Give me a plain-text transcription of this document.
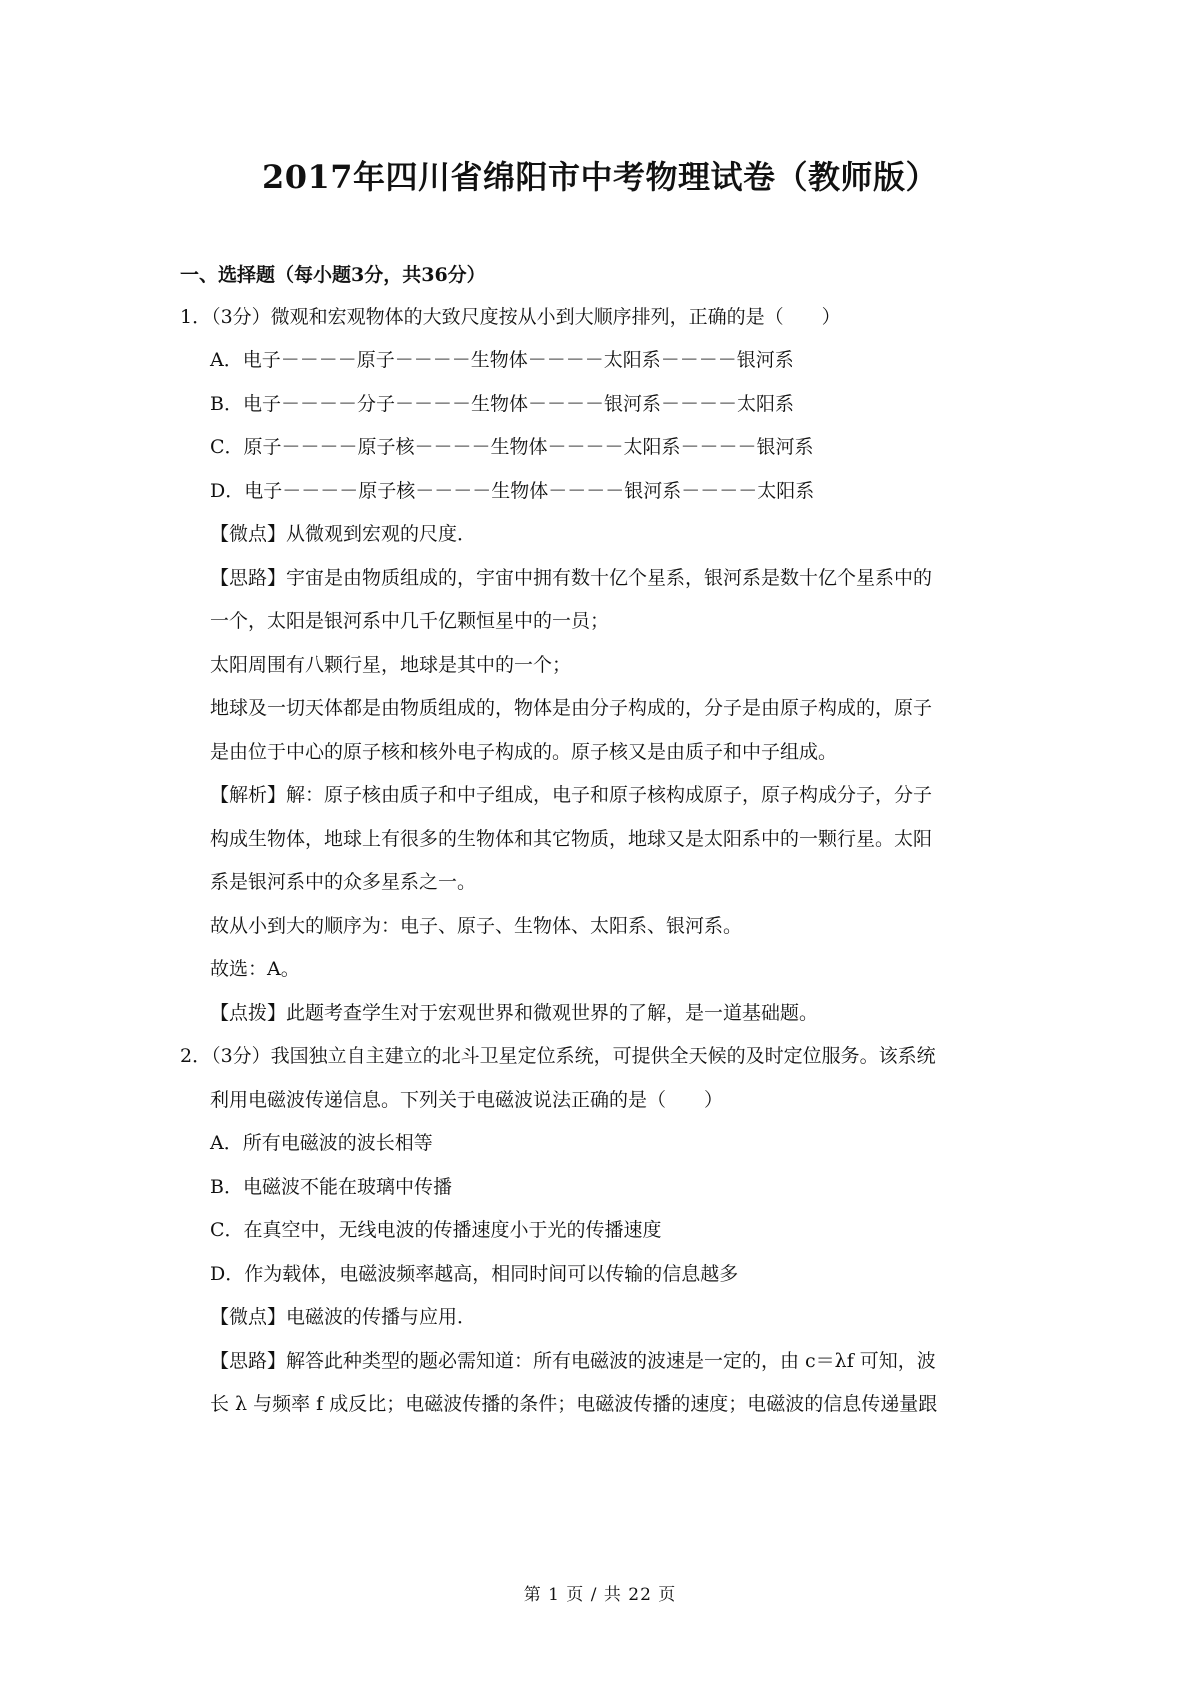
2017年四川省绵阳市中考物理试卷（教师版）
一、选择题（每小题3分，共36分）
1．（3分）微观和宏观物体的大致尺度按从小到大顺序排列，正确的是（　　）
A．电子－－－－原子－－－－生物体－－－－太阳系－－－－银河系
B．电子－－－－分子－－－－生物体－－－－银河系－－－－太阳系
C．原子－－－－原子核－－－－生物体－－－－太阳系－－－－银河系
D．电子－－－－原子核－－－－生物体－－－－银河系－－－－太阳系
【微点】从微观到宏观的尺度．
【思路】宇宙是由物质组成的，宇宙中拥有数十亿个星系，银河系是数十亿个星系中的
一个，太阳是银河系中几千亿颗恒星中的一员；
太阳周围有八颗行星，地球是其中的一个；
地球及一切天体都是由物质组成的，物体是由分子构成的，分子是由原子构成的，原子
是由位于中心的原子核和核外电子构成的。原子核又是由质子和中子组成。
【解析】解：原子核由质子和中子组成，电子和原子核构成原子，原子构成分子，分子
构成生物体，地球上有很多的生物体和其它物质，地球又是太阳系中的一颗行星。太阳
系是银河系中的众多星系之一。
故从小到大的顺序为：电子、原子、生物体、太阳系、银河系。
故选：A。
【点拨】此题考查学生对于宏观世界和微观世界的了解，是一道基础题。
2．（3分）我国独立自主建立的北斗卫星定位系统，可提供全天候的及时定位服务。该系统
利用电磁波传递信息。下列关于电磁波说法正确的是（　　）
A．所有电磁波的波长相等
B．电磁波不能在玻璃中传播
C．在真空中，无线电波的传播速度小于光的传播速度
D．作为载体，电磁波频率越高，相同时间可以传输的信息越多
【微点】电磁波的传播与应用．
【思路】解答此种类型的题必需知道：所有电磁波的波速是一定的，由 c＝λf 可知，波
长 λ 与频率 f 成反比；电磁波传播的条件；电磁波传播的速度；电磁波的信息传递量跟
第 1 页 / 共 22 页
